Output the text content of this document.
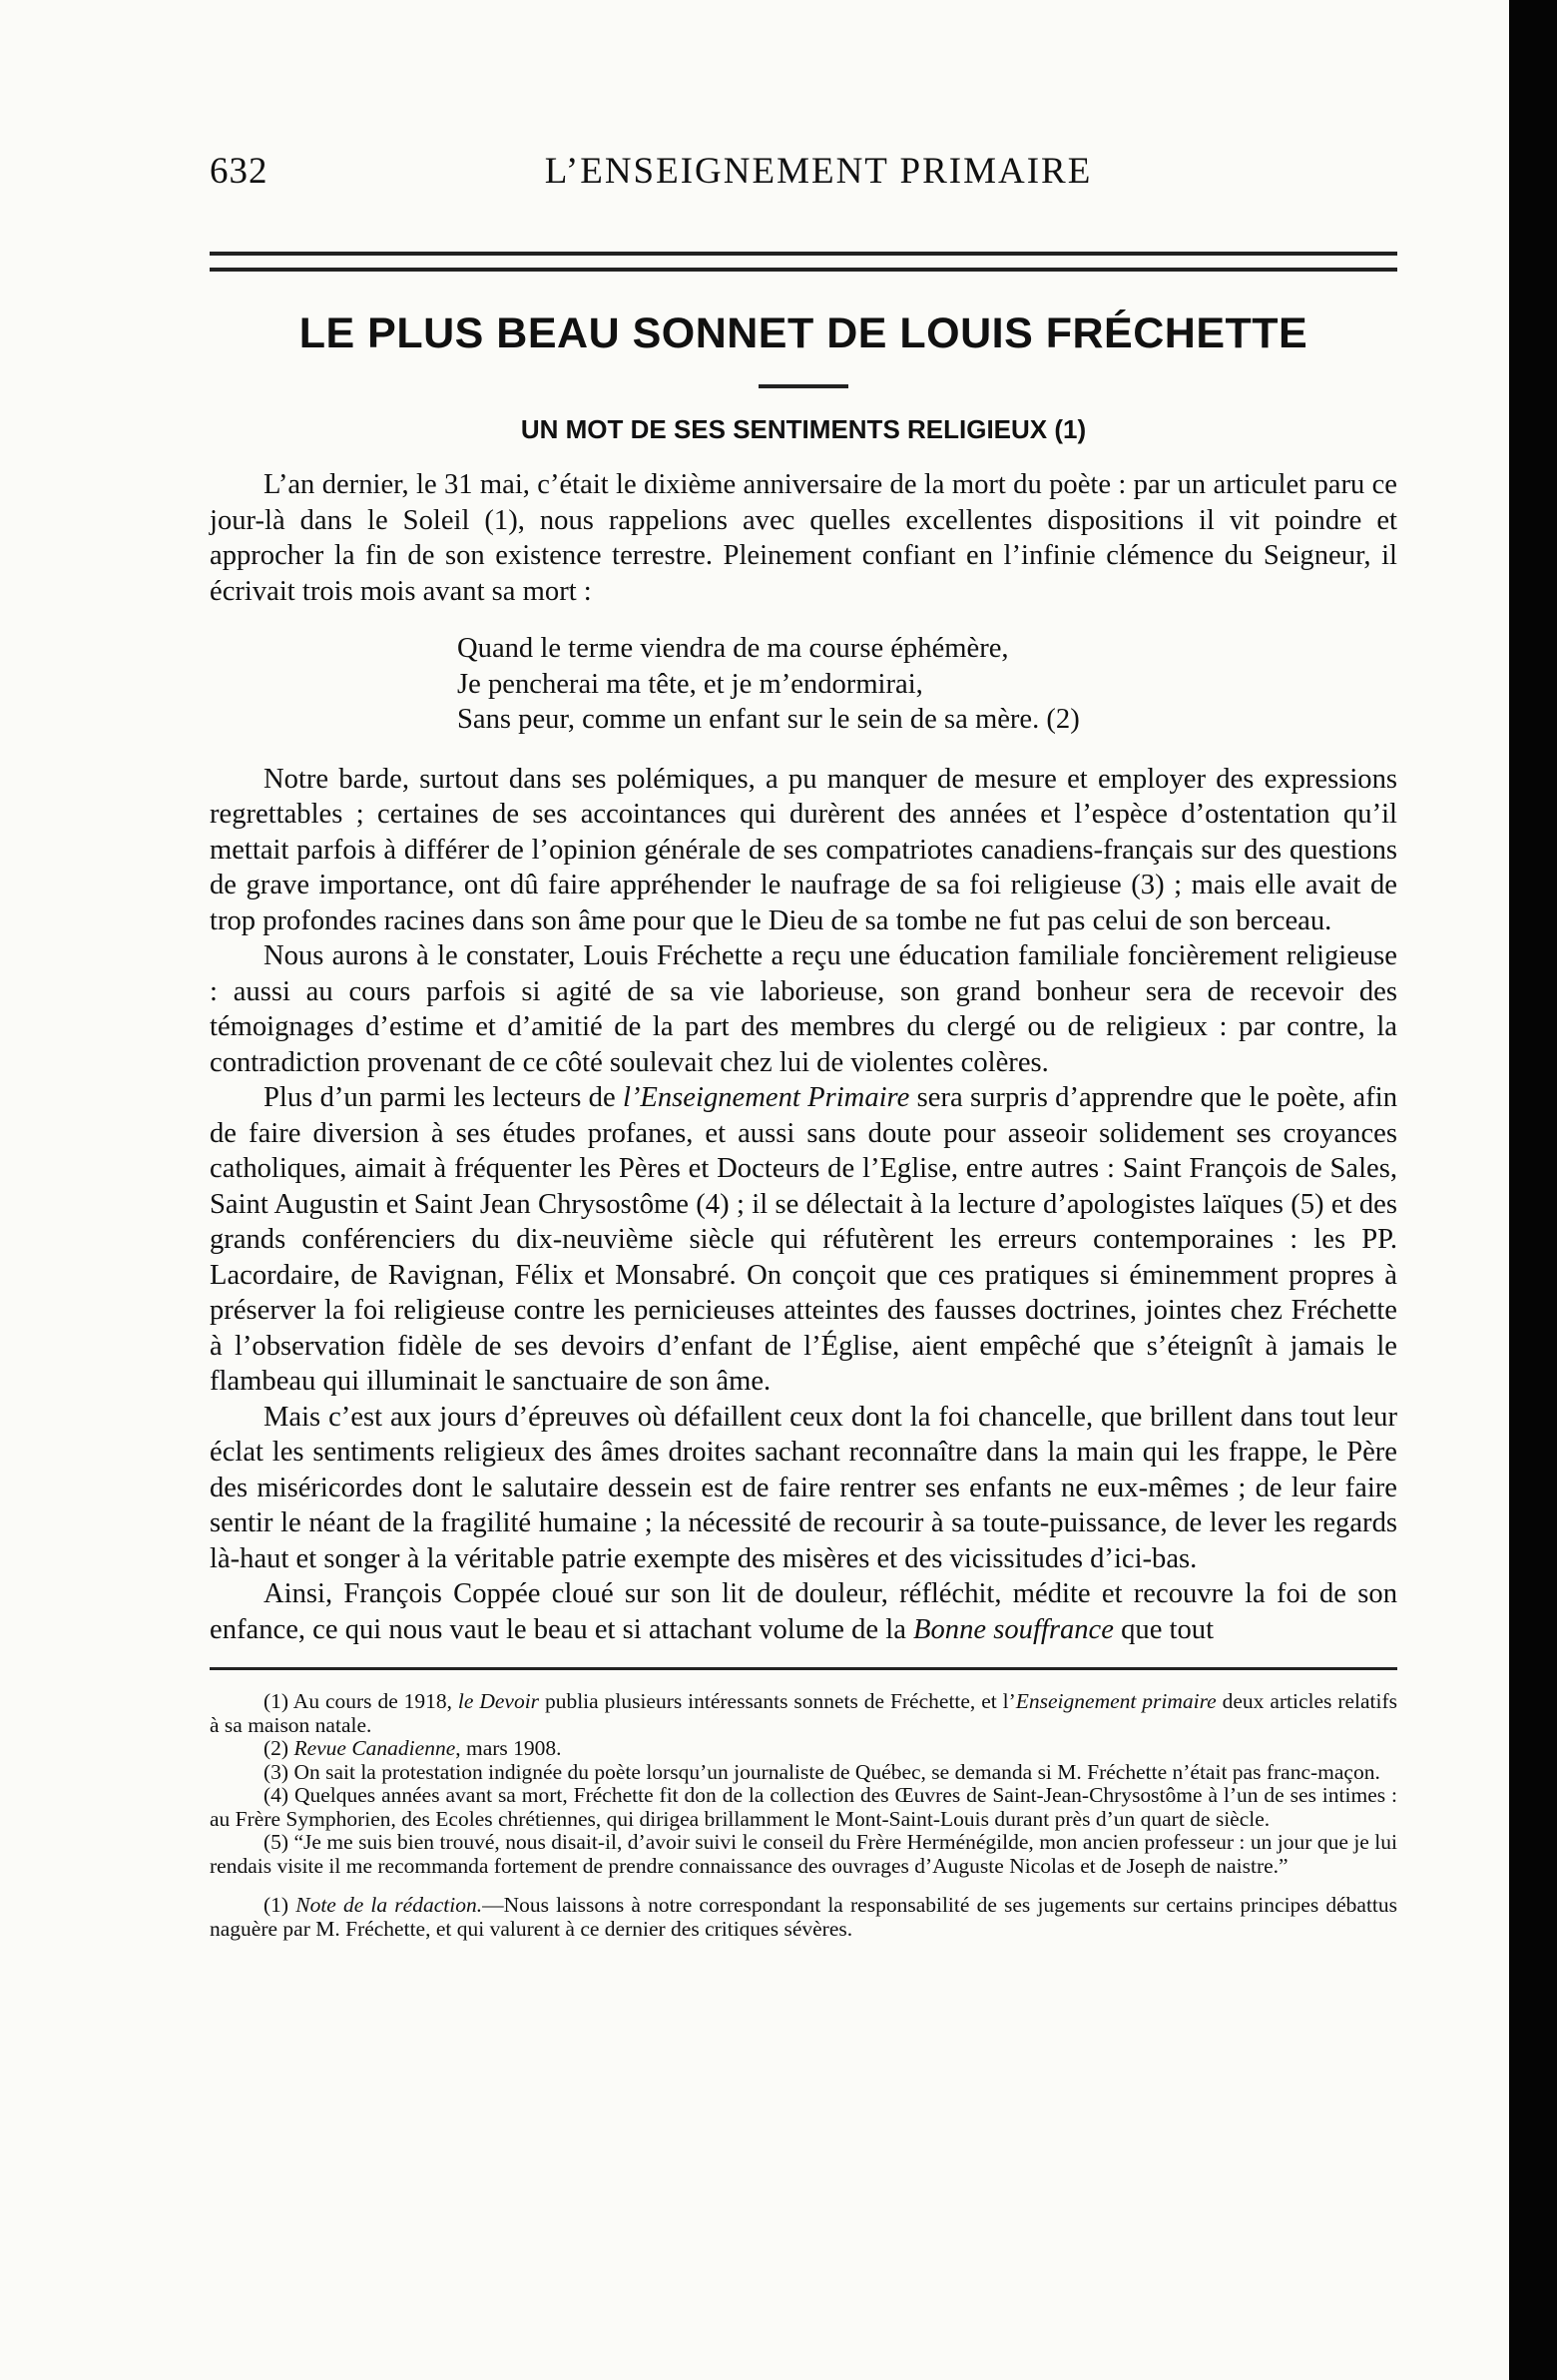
632	L’ENSEIGNEMENT PRIMAIRE
LE PLUS BEAU SONNET DE LOUIS FRÉCHETTE
UN MOT DE SES SENTIMENTS RELIGIEUX (1)

L’an dernier, le 31 mai, c’était le dixième anniversaire de la mort du poète : par un articulet paru ce jour-là dans le Soleil (1), nous rappelions avec quelles excellentes dispositions il vit poindre et approcher la fin de son existence terrestre. Pleinement confiant en l’infinie clémence du Seigneur, il écrivait trois mois avant sa mort :

Quand le terme viendra de ma course éphémère,
Je pencherai ma tête, et je m’endormirai,
Sans peur, comme un enfant sur le sein de sa mère. (2)

Notre barde, surtout dans ses polémiques, a pu manquer de mesure et employer des expressions regrettables ; certaines de ses accointances qui durèrent des années et l’espèce d’ostentation qu’il mettait parfois à différer de l’opinion générale de ses compatriotes canadiens-français sur des questions de grave importance, ont dû faire appréhender le naufrage de sa foi religieuse (3) ; mais elle avait de trop profondes racines dans son âme pour que le Dieu de sa tombe ne fut pas celui de son berceau.

Nous aurons à le constater, Louis Fréchette a reçu une éducation familiale foncièrement religieuse : aussi au cours parfois si agité de sa vie laborieuse, son grand bonheur sera de recevoir des témoignages d’estime et d’amitié de la part des membres du clergé ou de religieux : par contre, la contradiction provenant de ce côté soulevait chez lui de violentes colères.

Plus d’un parmi les lecteurs de l’Enseignement Primaire sera surpris d’apprendre que le poète, afin de faire diversion à ses études profanes, et aussi sans doute pour asseoir solidement ses croyances catholiques, aimait à fréquenter les Pères et Docteurs de l’Eglise, entre autres : Saint François de Sales, Saint Augustin et Saint Jean Chrysostôme (4) ; il se délectait à la lecture d’apologistes laïques (5) et des grands conférenciers du dix-neuvième siècle qui réfutèrent les erreurs contemporaines : les PP. Lacordaire, de Ravignan, Félix et Monsabré. On conçoit que ces pratiques si éminemment propres à préserver la foi religieuse contre les pernicieuses atteintes des fausses doctrines, jointes chez Fréchette à l’observation fidèle de ses devoirs d’enfant de l’Église, aient empêché que s’éteignît à jamais le flambeau qui illuminait le sanctuaire de son âme.

Mais c’est aux jours d’épreuves où défaillent ceux dont la foi chancelle, que brillent dans tout leur éclat les sentiments religieux des âmes droites sachant reconnaître dans la main qui les frappe, le Père des miséricordes dont le salutaire dessein est de faire rentrer ses enfants ne eux-mêmes ; de leur faire sentir le néant de la fragilité humaine ; la nécessité de recourir à sa toute-puissance, de lever les regards là-haut et songer à la véritable patrie exempte des misères et des vicissitudes d’ici-bas.

Ainsi, François Coppée cloué sur son lit de douleur, réfléchit, médite et recouvre la foi de son enfance, ce qui nous vaut le beau et si attachant volume de la Bonne souffrance que tout

(1) Au cours de 1918, le Devoir publia plusieurs intéressants sonnets de Fréchette, et l’Enseignement primaire deux articles relatifs à sa maison natale.

(2) Revue Canadienne, mars 1908.

(3) On sait la protestation indignée du poète lorsqu’un journaliste de Québec, se demanda si M. Fréchette n’était pas franc-maçon.

(4) Quelques années avant sa mort, Fréchette fit don de la collection des Œuvres de Saint-Jean-Chrysostôme à l’un de ses intimes : au Frère Symphorien, des Ecoles chrétiennes, qui dirigea brillamment le Mont-Saint-Louis durant près d’un quart de siècle.

(5) “Je me suis bien trouvé, nous disait-il, d’avoir suivi le conseil du Frère Herménégilde, mon ancien professeur : un jour que je lui rendais visite il me recommanda fortement de prendre connaissance des ouvrages d’Auguste Nicolas et de Joseph de naistre.”

(1) Note de la rédaction.—Nous laissons à notre correspondant la responsabilité de ses jugements sur certains principes débattus naguère par M. Fréchette, et qui valurent à ce dernier des critiques sévères.
